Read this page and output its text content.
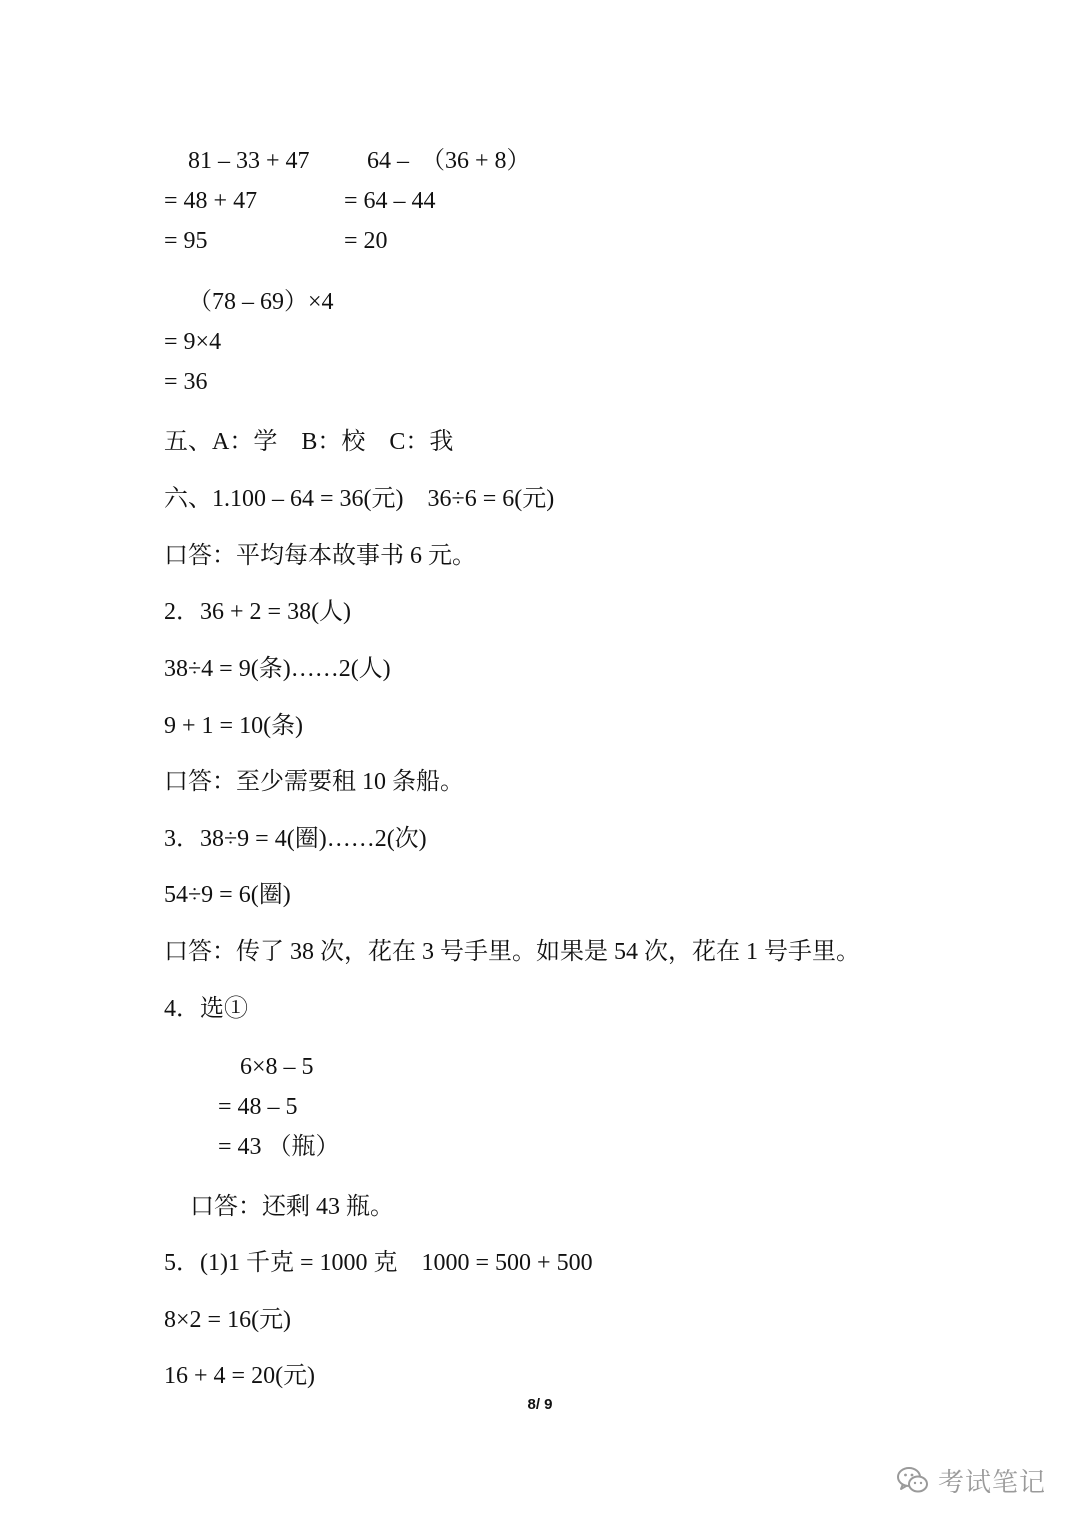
81 – 33 + 47
= 48 + 47
= 95
64 –  （36 + 8）
= 64 – 44
= 20
（78 – 69）×4
= 9×4
= 36
五、A：学    B：校    C：我
六、1.100 – 64 = 36(元)    36÷6 = 6(元)
口答：平均每本故事书 6 元。
2．36 + 2 = 38(人)
38÷4 = 9(条)……2(人)
9 + 1 = 10(条)
口答：至少需要租 10 条船。
3．38÷9 = 4(圈)……2(次)
54÷9 = 6(圈)
口答：传了 38 次，花在 3 号手里。如果是 54 次，花在 1 号手里。
4．选①
6×8 – 5
= 48 – 5
= 43 （瓶）
口答：还剩 43 瓶。
5．(1)1 千克 = 1000 克    1000 = 500 + 500
8×2 = 16(元)
16 + 4 = 20(元)
8/ 9
考试笔记
